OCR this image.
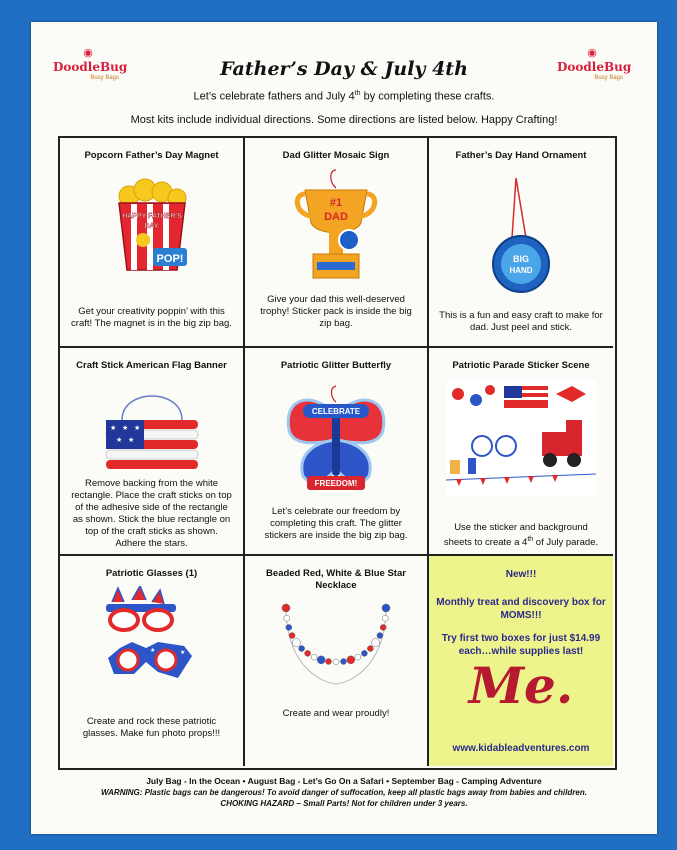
◉
DoodleBug
Busy Bags
◉
DoodleBug
Busy Bags
Father’s Day & July 4th
Let’s celebrate fathers and July 4th by completing these crafts.
Most kits include individual directions. Some directions are listed below. Happy Crafting!
Popcorn Father’s Day Magnet
HAPPY FATHER'S
DAY.
POP!

Get your creativity poppin’ with this craft! The magnet is in the big zip bag.

Dad Glitter Mosaic Sign
#1
DAD

Give your dad this well-deserved trophy! Sticker pack is inside the big zip bag.

Father’s Day Hand Ornament
BIG
HAND

This is a fun and easy craft to make for dad. Just peel and stick.

Craft Stick American Flag Banner
★ ★ ★
★ ★

Remove backing from the white rectangle. Place the craft sticks on top of the adhesive side of the rectangle as shown. Stick the blue rectangle on top of the craft sticks as shown. Adhere the stars.

Patriotic Glitter Butterfly
CELEBRATE
FREEDOM!

Let’s celebrate our freedom by completing this craft. The glitter stickers are inside the big zip bag.

Patriotic Parade Sticker Scene

Use the sticker and background sheets to create a 4th of July parade.

Patriotic Glasses (1)
★	★	★
★

Create and rock these patriotic glasses. Make fun photo props!!!

Beaded Red, White & Blue Star Necklace

Create and wear proudly!

New!!!
Monthly treat and discovery box for MOMS!!!
Try first two boxes for just $14.99 each…while supplies last!
Me.
www.kidableadventures.com
July Bag - In the Ocean • August Bag - Let’s Go On a Safari • September Bag - Camping Adventure
WARNING: Plastic bags can be dangerous! To avoid danger of suffocation, keep all plastic bags away from babies and children.
CHOKING HAZARD – Small Parts! Not for children under 3 years.
